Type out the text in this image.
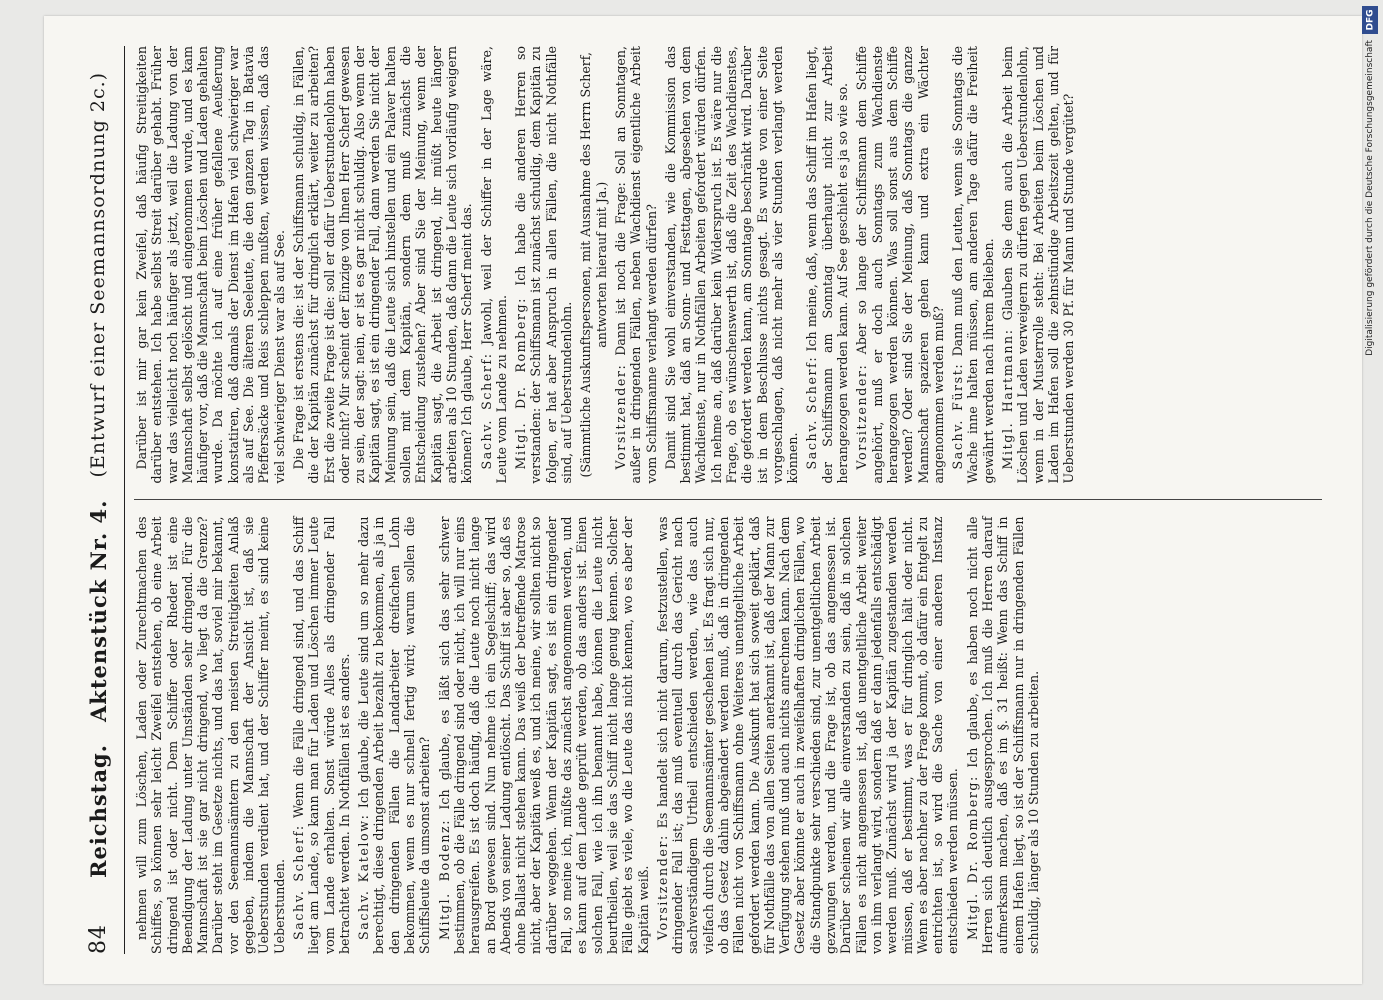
84
Reichstag.
Aktenstück Nr. 4.
(Entwurf einer Seemannsordnung 2c.)

nehmen will zum Löschen, Laden oder Zurechtmachen des Schiffes, so können sehr leicht Zweifel entstehen, ob eine Arbeit dringend ist oder nicht. Dem Schiffer oder Rheder ist eine Beendigung der Ladung unter Umständen sehr dringend. Für die Mannschaft ist sie gar nicht dringend, wo liegt da die Grenze? Darüber steht im Gesetze nichts, und das hat, soviel mir bekannt, vor den Seemannsämtern zu den meisten Streitigkeiten Anlaß gegeben, indem die Mannschaft der Ansicht ist, daß sie Ueberstunden verdient hat, und der Schiffer meint, es sind keine Ueberstunden. Sachv. Scherf: Wenn die Fälle dringend sind, und das Schiff liegt am Lande, so kann man für Laden und Löschen immer Leute vom Lande erhalten. Sonst würde Alles als dringender Fall betrachtet werden. In Nothfällen ist es anders. Sachv. Katelow: Ich glaube, die Leute sind um so mehr dazu berechtigt, diese dringenden Arbeit bezahlt zu bekommen, als ja in den dringenden Fällen die Landarbeiter dreifachen Lohn bekommen, wenn es nur schnell fertig wird; warum sollen die Schiffsleute da umsonst arbeiten? Mitgl. Bodenz: Ich glaube, es läßt sich das sehr schwer bestimmen, ob die Fälle dringend sind oder nicht, ich will nur eins herausgreifen. Es ist doch häufig, daß die Leute noch nicht lange an Bord gewesen sind. Nun nehme ich ein Segelschiff; das wird Abends von seiner Ladung entlöscht. Das Schiff ist aber so, daß es ohne Ballast nicht stehen kann. Das weiß der betreffende Matrose nicht, aber der Kapitän weiß es, und ich meine, wir sollten nicht so darüber weggehen. Wenn der Kapitän sagt, es ist ein dringender Fall, so meine ich, müßte das zunächst angenommen werden, und es kann auf dem Lande geprüft werden, ob das anders ist. Einen solchen Fall, wie ich ihn benannt habe, können die Leute nicht beurtheilen, weil sie das Schiff nicht lange genug kennen. Solcher Fälle giebt es viele, wo die Leute das nicht kennen, wo es aber der Kapitän weiß. Vorsitzender: Es handelt sich nicht darum, festzustellen, was dringender Fall ist; das muß eventuell durch das Gericht nach sachverständigem Urtheil entschieden werden, wie das auch vielfach durch die Seemannsämter geschehen ist. Es fragt sich nur, ob das Gesetz dahin abgeändert werden muß, daß in dringenden Fällen nicht von Schiffsmann ohne Weiteres unentgeltliche Arbeit gefordert werden kann. Die Auskunft hat sich soweit geklärt, daß für Nothfälle das von allen Seiten anerkannt ist, daß der Mann zur Verfügung stehen muß und auch nichts anrechnen kann. Nach dem Gesetz aber könnte er auch in zweifelhaften dringlichen Fällen, wo die Standpunkte sehr verschieden sind, zur unentgeltlichen Arbeit gezwungen werden, und die Frage ist, ob das angemessen ist. Darüber scheinen wir alle einverstanden zu sein, daß in solchen Fällen es nicht angemessen ist, daß unentgeltliche Arbeit weiter von ihm verlangt wird, sondern daß er dann jedenfalls entschädigt werden muß. Zunächst wird ja der Kapitän zugestanden werden müssen, daß er bestimmt, was er für dringlich hält oder nicht. Wenn es aber nachher zu der Frage kommt, ob dafür ein Entgelt zu entrichten ist, so wird die Sache von einer anderen Instanz entschieden werden müssen. Mitgl. Dr. Romberg: Ich glaube, es haben noch nicht alle Herren sich deutlich ausgesprochen. Ich muß die Herren darauf aufmerksam machen, daß es im §. 31 heißt: Wenn das Schiff in einem Hafen liegt, so ist der Schiffsmann nur in dringenden Fällen schuldig, länger als 10 Stunden zu arbeiten.

Darüber ist mir gar kein Zweifel, daß häufig Streitigkeiten darüber entstehen. Ich habe selbst Streit darüber gehabt. Früher war das vielleicht noch häufiger als jetzt, weil die Ladung von der Mannschaft selbst gelöscht und eingenommen wurde, und es kam häufiger vor, daß die Mannschaft beim Löschen und Laden gehalten wurde. Da möchte ich auf eine früher gefallene Aeußerung konstatiren, daß damals der Dienst im Hafen viel schwieriger war als auf See. Die älteren Seeleute, die den ganzen Tag in Batavia Pfeffersäcke und Reis schleppen mußten, werden wissen, daß das viel schwieriger Dienst war als auf See. Die Frage ist erstens die: ist der Schiffsmann schuldig, in Fällen, die der Kapitän zunächst für dringlich erklärt, weiter zu arbeiten? Erst die zweite Frage ist die: soll er dafür Ueberstundenlohn haben oder nicht? Mir scheint der Einzige von Ihnen Herr Scherf gewesen zu sein, der sagt: nein, er ist es gar nicht schuldig. Also wenn der Kapitän sagt, es ist ein dringender Fall, dann werden Sie nicht der Meinung sein, daß die Leute sich hinstellen und ein Palaver halten sollen mit dem Kapitän, sondern dem muß zunächst die Entscheidung zustehen? Aber sind Sie der Meinung, wenn der Kapitän sagt, die Arbeit ist dringend, ihr müßt heute länger arbeiten als 10 Stunden, daß dann die Leute sich vorläufig weigern können? Ich glaube, Herr Scherf meint das. Sachv. Scherf: Jawohl, weil der Schiffer in der Lage wäre, Leute vom Lande zu nehmen. Mitgl. Dr. Romberg: Ich habe die anderen Herren so verstanden: der Schiffsmann ist zunächst schuldig, dem Kapitän zu folgen, er hat aber Anspruch in allen Fällen, die nicht Nothfälle sind, auf Ueberstundenlohn. (Sämmtliche Auskunftspersonen, mit Ausnahme des Herrn Scherf, antworten hierauf mit Ja.)

Vorsitzender: Dann ist noch die Frage: Soll an Sonntagen, außer in dringenden Fällen, neben Wachdienst eigentliche Arbeit vom Schiffsmanne verlangt werden dürfen? Damit sind Sie wohl einverstanden, wie die Kommission das bestimmt hat, daß an Sonn- und Festtagen, abgesehen von dem Wachdienste, nur in Nothfällen Arbeiten gefordert würden dürfen. Ich nehme an, daß darüber kein Widerspruch ist. Es wäre nur die Frage, ob es wünschenswerth ist, daß die Zeit des Wachdienstes, die gefordert werden kann, am Sonntage beschränkt wird. Darüber ist in dem Beschlusse nichts gesagt. Es wurde von einer Seite vorgeschlagen, daß nicht mehr als vier Stunden verlangt werden können. Sachv. Scherf: Ich meine, daß, wenn das Schiff im Hafen liegt, der Schiffsmann am Sonntag überhaupt nicht zur Arbeit herangezogen werden kann. Auf See geschieht es ja so wie so. Vorsitzender: Aber so lange der Schiffsmann dem Schiffe angehört, muß er doch auch Sonntags zum Wachdienste herangezogen werden können. Was soll sonst aus dem Schiffe werden? Oder sind Sie der Meinung, daß Sonntags die ganze Mannschaft spazieren gehen kann und extra ein Wächter angenommen werden muß? Sachv. Fürst: Dann muß den Leuten, wenn sie Sonntags die Wache inne halten müssen, am anderen Tage dafür die Freiheit gewährt werden nach ihrem Belieben. Mitgl. Hartmann: Glauben Sie denn auch die Arbeit beim Löschen und Laden verweigern zu dürfen gegen Ueberstundenlohn, wenn in der Musterrolle steht: Bei Arbeiten beim Löschen und Laden im Hafen soll die zehnstündige Arbeitszeit gelten, und für Ueberstunden werden 30 Pf. für Mann und Stunde vergütet?

DFG
Digitalisierung gefördert durch die Deutsche Forschungsgemeinschaft
